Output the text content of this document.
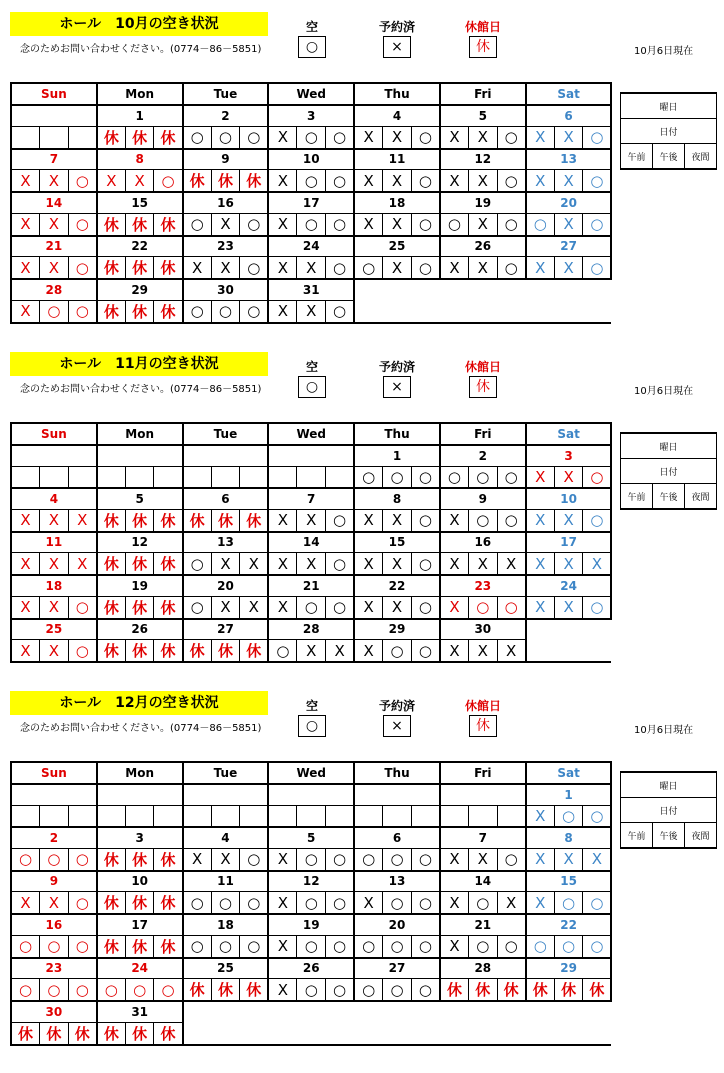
ホール　10月の空き状況
念のためお問い合わせください。(0774－86－5851)
空
○
予約済
×
休館日
休	10月6日現在
Sun			Mon			Tue			Wed			Thu			Fri			Sat		
			1			2			3			4			5			6		
			休	休	休	○	○	○	X	○	○	X	X	○	X	X	○	X	X	○
7			8			9			10			11			12			13		
X	X	○	X	X	○	休	休	休	X	○	○	X	X	○	X	X	○	X	X	○
14			15			16			17			18			19			20		
X	X	○	休	休	休	○	X	○	X	○	○	X	X	○	○	X	○	○	X	○
21			22			23			24			25			26			27		
X	X	○	休	休	休	X	X	○	X	X	○	○	X	○	X	X	○	X	X	○
28			29			30			31											
X	○	○	休	休	休	○	○	○	X	X	○									
曜日
日付
午前	午後	夜間
ホール　11月の空き状況
念のためお問い合わせください。(0774－86－5851)
空
○
予約済
×
休館日
休	10月6日現在
Sun			Mon			Tue			Wed			Thu			Fri			Sat		
												1			2			3		
												○	○	○	○	○	○	X	X	○
4			5			6			7			8			9			10		
X	X	X	休	休	休	休	休	休	X	X	○	X	X	○	X	○	○	X	X	○
11			12			13			14			15			16			17		
X	X	X	休	休	休	○	X	X	X	X	○	X	X	○	X	X	X	X	X	X
18			19			20			21			22			23			24		
X	X	○	休	休	休	○	X	X	X	○	○	X	X	○	X	○	○	X	X	○
25			26			27			28			29			30					
X	X	○	休	休	休	休	休	休	○	X	X	X	○	○	X	X	X			
曜日
日付
午前	午後	夜間
ホール　12月の空き状況
念のためお問い合わせください。(0774－86－5851)
空
○
予約済
×
休館日
休	10月6日現在
Sun			Mon			Tue			Wed			Thu			Fri			Sat		
																		1		
																		X	○	○
2			3			4			5			6			7			8		
○	○	○	休	休	休	X	X	○	X	○	○	○	○	○	X	X	○	X	X	X
9			10			11			12			13			14			15		
X	X	○	休	休	休	○	○	○	X	○	○	X	○	○	X	○	X	X	○	○
16			17			18			19			20			21			22		
○	○	○	休	休	休	○	○	○	X	○	○	○	○	○	X	○	○	○	○	○
23			24			25			26			27			28			29		
○	○	○	○	○	○	休	休	休	X	○	○	○	○	○	休	休	休	休	休	休
30			31																	
休	休	休	休	休	休															
曜日
日付
午前	午後	夜間
